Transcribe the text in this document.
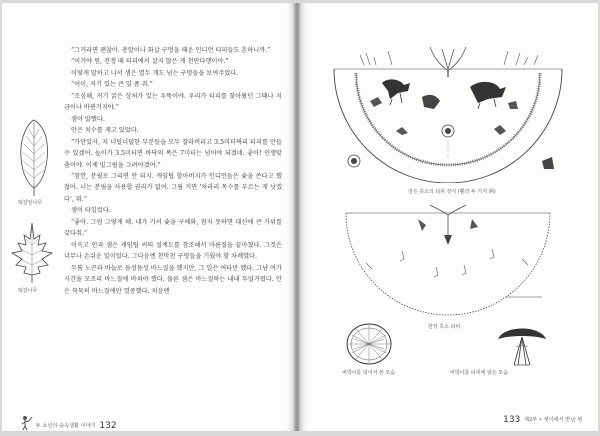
“그거라면 괜찮아. 총알이나 화살 구멍을 때운 인디언 티피들도 흔하니까.”

“이거야 원, 전쟁 때 티피에서 살지 않은 게 천만다행이야.”

이렇게 말하고 나서 샘은 열두 개도 넘는 구멍들을 보여주었다.

“어이, 저기 있는 큰 잎 좀 줘.”

“조심해, 저기 굵은 상처가 있는 우뚝이야. 우리가 티피를 찾아왔던 그때나 지금이나 바뀐거지야.”

샘이 말했다.

안은 치수를 재고 있었다.

“가만있자, 저 너덜너덜한 부분들을 모두 잘라버리고 3.5미터짜리 티피를 만들 수 있겠어. 높이가 3.5미터면 바닥의 폭은 7미터는 넘어야 되겠네. 좋아! 인생맞춤이야. 이제 밑그림을 그려야겠어.”

“참깐, 분필로 그리면 안 되지. 캐임팁 할아버지가 인디언들은 숯을 쓴다고 했잖아. 너는 분필을 사용할 권리가 없어. 그림 거면 ‘차라리 목수를 부르는 게 낫겠다’, 뭐.”

샘이 타일렀다.

“좋아. 그럼 그렇게 해. 네가 가서 숯을 구해와, 참지 못하면 대신에 큰 가위를 갖다줘.”

이윽고 안과 샘은 캐임팁 씨의 설계도를 참조해서 마름질을 끝마쳤다. 그것은 너무나 손쉬운 일이었다. 그다음엔 천막천 구멍들을 기웠야 할 차례였다.

두툼 노끈과 바늘로 듬성듬성 바느질을 했지만, 그 일은 여타만 했다. 그냥 여가시간을 모조리 바느질에 바쳐야 했다. 물론 샘은 바느질하는 내내 투덜거렸다. 안은 묵묵히 바느질에만 열중했다. 처음엔

떡갈잎나무
떡갈나무
두 소년의 숲속생활 이야기 132
검은 혹소의 티피 장식 (뿔의 두 가지 例)
한장 혹소 티피
비박이를 덮어서 본 모습	비박이를 티피에 얹은 모습
133 제2부 • 셋이에서 반난 셈
